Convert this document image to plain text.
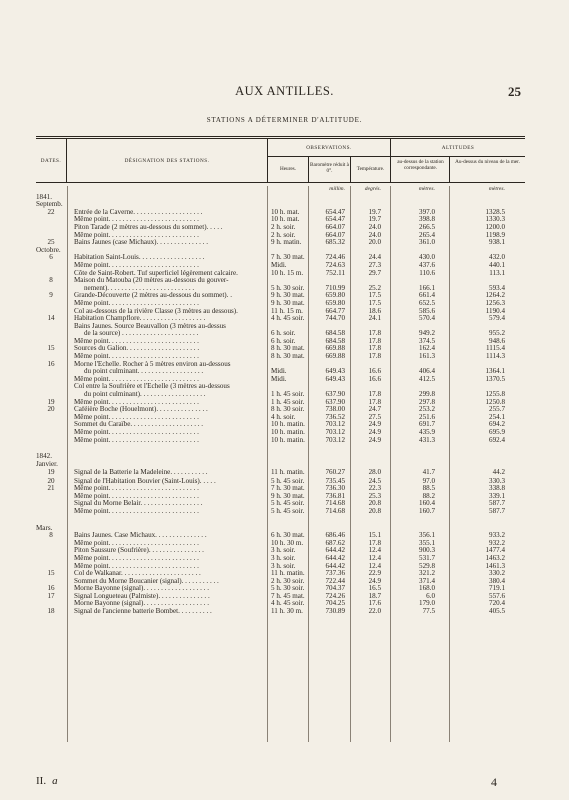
AUX ANTILLES.	25
STATIONS A DÉTERMINER D'ALTITUDE.
DATES.	DÉSIGNATION DES STATIONS.
OBSERVATIONS.	ALTITUDES
Heures.
Baromètre réduit à 0°.	Température.
au-dessus de la station correspondante.
Au-dessus du niveau de la mer.
millim.	degrés.	mètres.	mètres.
1841.
Septemb.
22	Entrée de la Caverne. . . . . . . . . . . . . . . . . . . .	10 h. mat.	654.47	19.7	397.0	1328.5
Même point. . . . . . . . . . . . . . . . . . . . . . . . . .	10 h. mat.	654.47	19.7	398.8	1330.3
Piton Tarade (2 mètres au-dessous du sommet). . . . .	2 h. soir.	664.07	24.0	266.5	1200.0
Même point. . . . . . . . . . . . . . . . . . . . . . . . . .	2 h. soir.	664.07	24.0	265.4	1198.9
25	Bains Jaunes (case Michaux). . . . . . . . . . . . . . .	9 h. matin.	685.32	20.0	361.0	938.1
Octobre.
6	Habitation Saint-Louis. . . . . . . . . . . . . . . . . . .	7 h. 30 mat.	724.46	24.4	430.0	432.0
Même point. . . . . . . . . . . . . . . . . . . . . . . . . .	Midi.	724.63	27.3	437.6	440.1
Côte de Saint-Robert. Tuf superficiel légèrement calcaire.	10 h. 15 m.	752.11	29.7	110.6	113.1
8	Maison du Matouba (20 mètres au-dessous du gouver-
nement). . . . . . . . . . . . . . . . . . . . . . . . .	5 h. 30 soir.	710.99	25.2	166.1	593.4
9	Grande-Découverte (2 mètres au-dessous du sommet). .	9 h. 30 mat.	659.80	17.5	661.4	1264.2
Même point. . . . . . . . . . . . . . . . . . . . . . . . . .	9 h. 30 mat.	659.80	17.5	652.5	1256.3
Col au-dessous de la rivière Classe (3 mètres au dessous).	11 h. 15 m.	664.77	18.6	585.6	1190.4
14	Habitation Champflore. . . . . . . . . . . . . . . . . . .	4 h. 45 soir.	744.70	24.1	570.4	579.4
Bains Jaunes. Source Beauvallon (3 mètres au-dessus
de la source) . . . . . . . . . . . . . . . . . . . . . .	6 h. soir.	684.58	17.8	949.2	955.2
Même point. . . . . . . . . . . . . . . . . . . . . . . . . .	6 h. soir.	684.58	17.8	374.5	948.6
15	Sources du Galion. . . . . . . . . . . . . . . . . . . . .	8 h. 30 mat.	669.88	17.8	162.4	1115.4
Même point. . . . . . . . . . . . . . . . . . . . . . . . . .	8 h. 30 mat.	669.88	17.8	161.3	1114.3
16	Morne l'Échelle. Rocher à 5 mètres environ au-dessous
du point culminant. . . . . . . . . . . . . . . . . . .	Midi.	649.43	16.6	406.4	1364.1
Même point. . . . . . . . . . . . . . . . . . . . . . . . . .	Midi.	649.43	16.6	412.5	1370.5
Col entre la Soufrière et l'Échelle (3 mètres au-dessous
du point culminant). . . . . . . . . . . . . . . . . . .	1 h. 45 soir.	637.90	17.8	299.8	1255.8
19	Même point. . . . . . . . . . . . . . . . . . . . . . . . . .	1 h. 45 soir.	637.90	17.8	297.8	1250.8
20	Caféière Boche (Houelmont). . . . . . . . . . . . . . .	8 h. 30 soir.	738.00	24.7	253.2	255.7
Même point. . . . . . . . . . . . . . . . . . . . . . . . . .	4 h. soir.	736.52	27.5	251.6	254.1
Sommet du Caraïbe. . . . . . . . . . . . . . . . . . . . .	10 h. matin.	703.12	24.9	691.7	694.2
Même point. . . . . . . . . . . . . . . . . . . . . . . . . .	10 h. matin.	703.12	24.9	435.9	695.9
Même point. . . . . . . . . . . . . . . . . . . . . . . . . .	10 h. matin.	703.12	24.9	431.3	692.4
1842.
Janvier.
19	Signal de la Batterie la Madeleine. . . . . . . . . . .	11 h. matin.	760.27	28.0	41.7	44.2
20	Signal de l'Habitation Bouvier (Saint-Louis). . . . .	5 h. 45 soir.	735.45	24.5	97.0	330.3
21	Même point. . . . . . . . . . . . . . . . . . . . . . . . . .	7 h. 30 mat.	736.30	22.3	88.5	338.8
Même point. . . . . . . . . . . . . . . . . . . . . . . . . .	9 h. 30 mat.	736.81	25.3	88.2	339.1
Signal du Morne Belair. . . . . . . . . . . . . . . . . .	5 h. 45 soir.	714.68	20.8	160.4	587.7
Même point. . . . . . . . . . . . . . . . . . . . . . . . . .	5 h. 45 soir.	714.68	20.8	160.7	587.7
Mars.
8	Bains Jaunes. Case Michaux. . . . . . . . . . . . . . .	6 h. 30 mat.	686.46	15.1	356.1	933.2
Même point. . . . . . . . . . . . . . . . . . . . . . . . . .	10 h. 30 m.	687.62	17.8	355.1	932.2
Piton Saussure (Soufrière). . . . . . . . . . . . . . . .	3 h. soir.	644.42	12.4	900.3	1477.4
Même point. . . . . . . . . . . . . . . . . . . . . . . . . .	3 h. soir.	644.42	12.4	531.7	1463.2
Même point. . . . . . . . . . . . . . . . . . . . . . . . . .	3 h. soir.	644.42	12.4	529.8	1461.3
15	Col de Walkanar. . . . . . . . . . . . . . . . . . . . . . .	11 h. matin.	737.36	22.9	321.2	330.2
Sommet du Morne Boucanier (signal). . . . . . . . . . .	2 h. 30 soir.	722.44	24.9	371.4	380.4
16	Morne Bayonne (signal). . . . . . . . . . . . . . . . . . .	5 h. 30 soir.	704.37	16.5	168.0	719.1
17	Signal Longueteau (Palmiste). . . . . . . . . . . . . . .	7 h. 45 mat.	724.26	18.7	6.0	557.6
Morne Bayonne (signal). . . . . . . . . . . . . . . . . . .	4 h. 45 soir.	704.25	17.6	179.0	720.4
18	Signal de l'ancienne batterie Bombet. . . . . . . . . .	11 h. 30 m.	730.89	22.0	77.5	405.5
II. a	4
